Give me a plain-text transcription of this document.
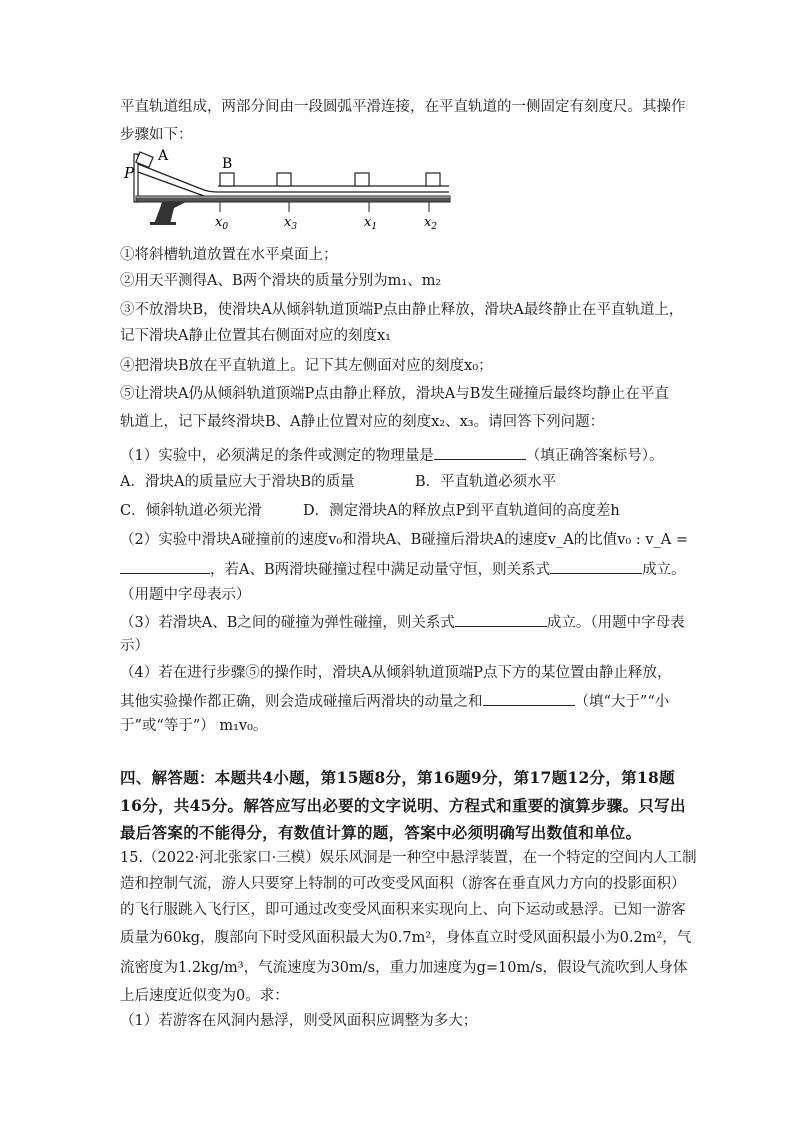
平直轨道组成，两部分间由一段圆弧平滑连接，在平直轨道的一侧固定有刻度尺。其操作
步骤如下：
P
A	B
$x_0$	$x_3$	$x_1$	$x_2$
①将斜槽轨道放置在水平桌面上；
②用天平测得A、B两个滑块的质量分别为m₁、m₂
③不放滑块B，使滑块A从倾斜轨道顶端P点由静止释放，滑块A最终静止在平直轨道上，
记下滑块A静止位置其右侧面对应的刻度x₁
④把滑块B放在平直轨道上。记下其左侧面对应的刻度x₀；
⑤让滑块A仍从倾斜轨道顶端P点由静止释放，滑块A与B发生碰撞后最终均静止在平直
轨道上，记下最终滑块B、A静止位置对应的刻度x₂、x₃。请回答下列问题：
（1）实验中，必须满足的条件或测定的物理量是	（填正确答案标号）。
A．滑块A的质量应大于滑块B的质量	B．平直轨道必须水平
C．倾斜轨道必须光滑	D．测定滑块A的释放点P到平直轨道间的高度差h
（2）实验中滑块A碰撞前的速度v₀和滑块A、B碰撞后滑块A的速度v_A的比值v₀ : v_A =
，若A、B两滑块碰撞过程中满足动量守恒，则关系式	成立。
（用题中字母表示）
（3）若滑块A、B之间的碰撞为弹性碰撞，则关系式	成立。（用题中字母表
示）
（4）若在进行步骤⑤的操作时，滑块A从倾斜轨道顶端P点下方的某位置由静止释放，
其他实验操作都正确，则会造成碰撞后两滑块的动量之和	（填“大于”“小
于”或“等于”） m₁v₀。
四、解答题：本题共4小题，第15题8分，第16题9分，第17题12分，第18题
16分，共45分。解答应写出必要的文字说明、方程式和重要的演算步骤。只写出
最后答案的不能得分，有数值计算的题，答案中必须明确写出数值和单位。
15.（2022·河北张家口·三模）娱乐风洞是一种空中悬浮装置，在一个特定的空间内人工制
造和控制气流，游人只要穿上特制的可改变受风面积（游客在垂直风力方向的投影面积）
的飞行服跳入飞行区，即可通过改变受风面积来实现向上、向下运动或悬浮。已知一游客
质量为60kg，腹部向下时受风面积最大为0.7m²，身体直立时受风面积最小为0.2m²，气
流密度为1.2kg/m³，气流速度为30m/s，重力加速度为g=10m/s，假设气流吹到人身体
上后速度近似变为0。求：
（1）若游客在风洞内悬浮，则受风面积应调整为多大；
